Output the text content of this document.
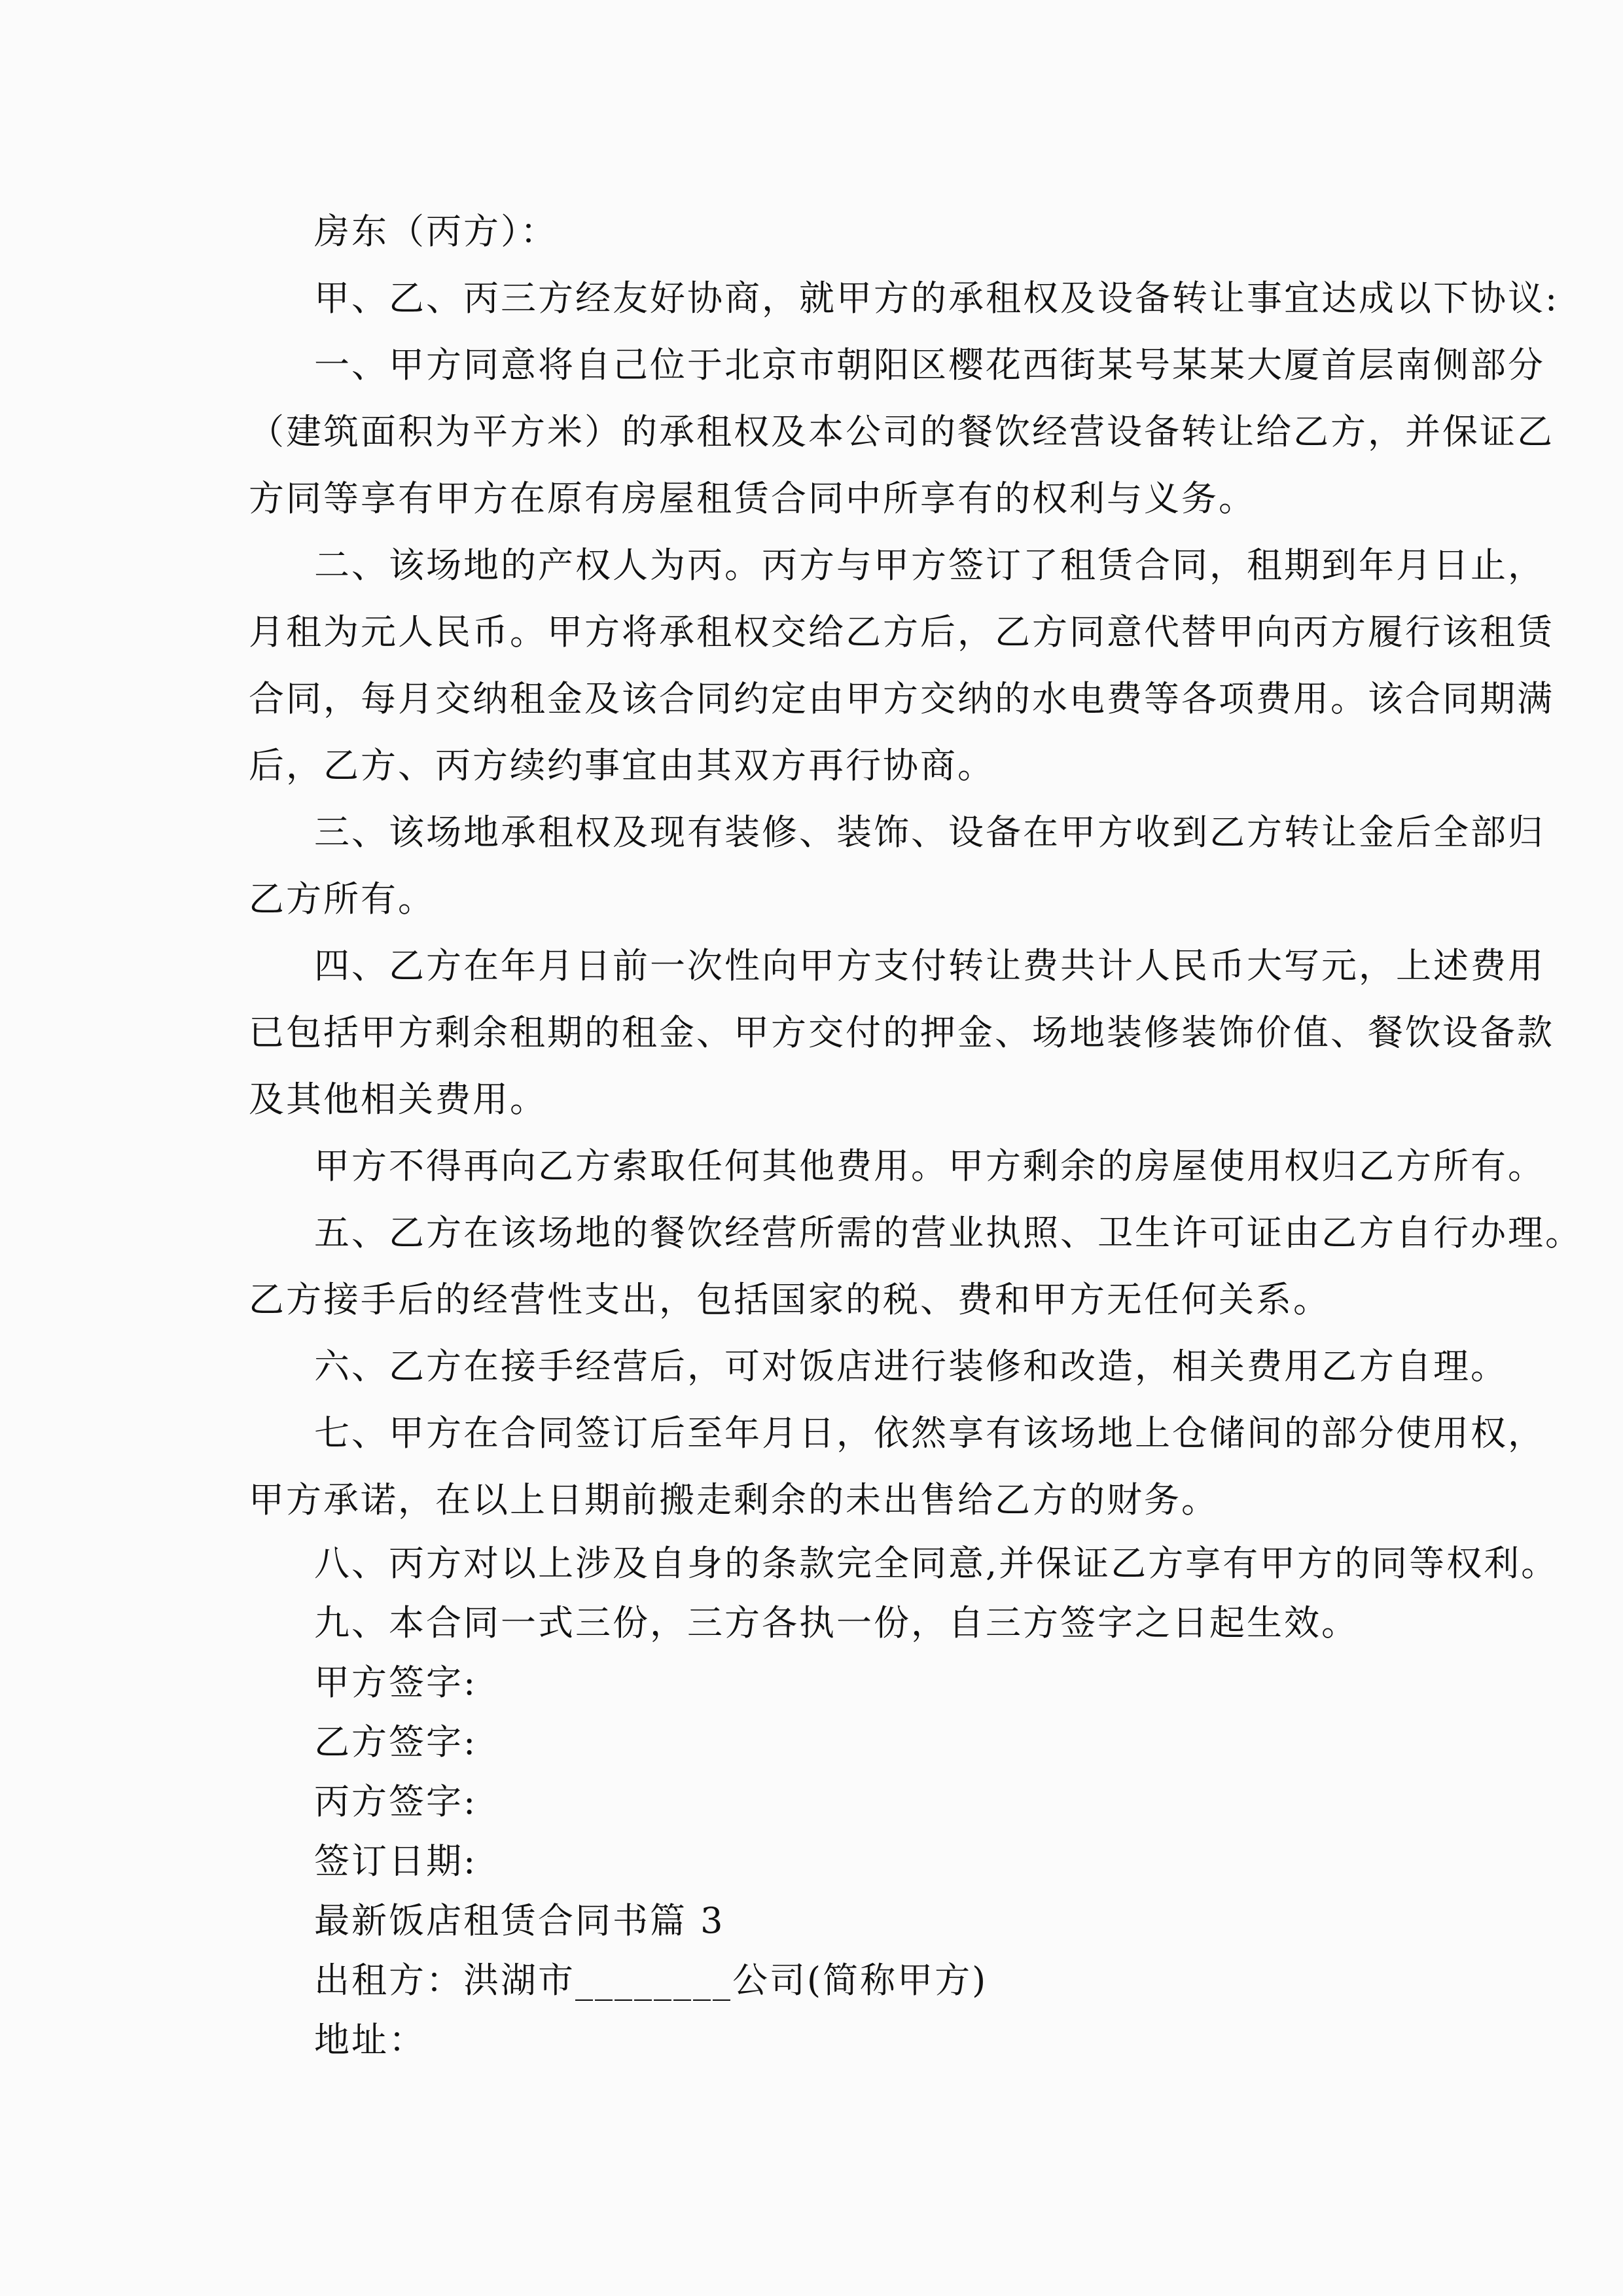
房东（丙方）：

甲、乙、丙三方经友好协商，就甲方的承租权及设备转让事宜达成以下协议:

一、甲方同意将自己位于北京市朝阳区樱花西街某号某某大厦首层南侧部分

（建筑面积为平方米）的承租权及本公司的餐饮经营设备转让给乙方，并保证乙

方同等享有甲方在原有房屋租赁合同中所享有的权利与义务。

二、该场地的产权人为丙。丙方与甲方签订了租赁合同，租期到年月日止，

月租为元人民币。甲方将承租权交给乙方后，乙方同意代替甲向丙方履行该租赁

合同，每月交纳租金及该合同约定由甲方交纳的水电费等各项费用。该合同期满

后，乙方、丙方续约事宜由其双方再行协商。

三、该场地承租权及现有装修、装饰、设备在甲方收到乙方转让金后全部归

乙方所有。

四、乙方在年月日前一次性向甲方支付转让费共计人民币大写元，上述费用

已包括甲方剩余租期的租金、甲方交付的押金、场地装修装饰价值、餐饮设备款

及其他相关费用。

甲方不得再向乙方索取任何其他费用。甲方剩余的房屋使用权归乙方所有。

五、乙方在该场地的餐饮经营所需的营业执照、卫生许可证由乙方自行办理。

乙方接手后的经营性支出，包括国家的税、费和甲方无任何关系。

六、乙方在接手经营后，可对饭店进行装修和改造，相关费用乙方自理。

七、甲方在合同签订后至年月日，依然享有该场地上仓储间的部分使用权，

甲方承诺，在以上日期前搬走剩余的未出售给乙方的财务。

八、丙方对以上涉及自身的条款完全同意,并保证乙方享有甲方的同等权利。

九、本合同一式三份，三方各执一份，自三方签字之日起生效。

甲方签字:

乙方签字:

丙方签字:

签订日期:

最新饭店租赁合同书篇 3

出租方：洪湖市________公司(简称甲方)

地址：
